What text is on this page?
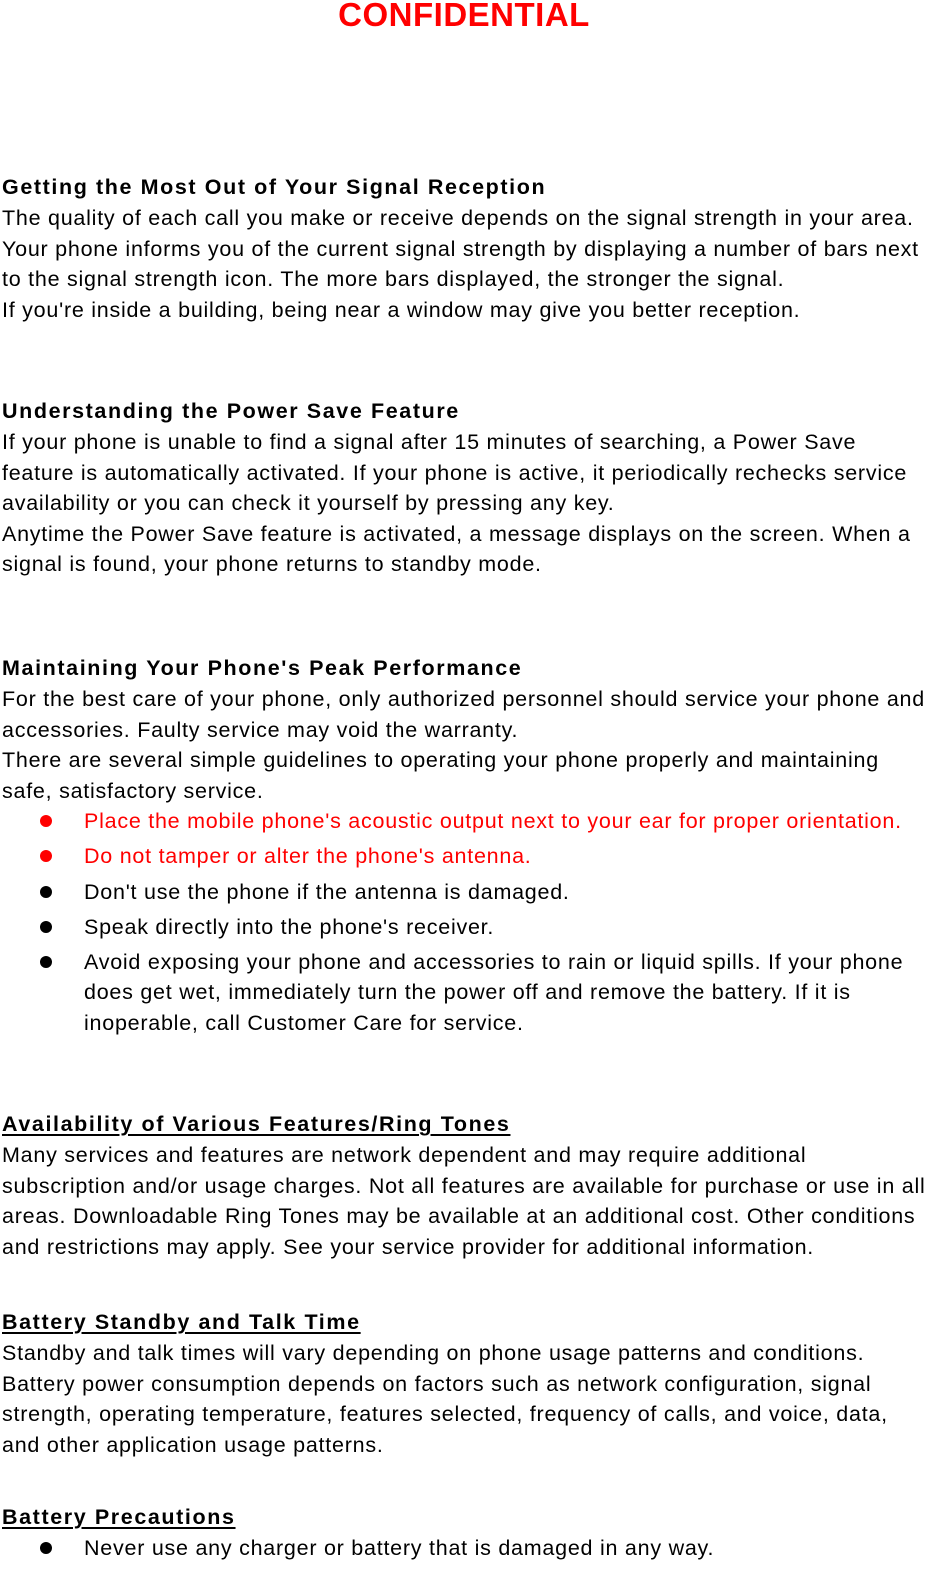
CONFIDENTIAL
Getting the Most Out of Your Signal Reception

The quality of each call you make or receive depends on the signal strength in your area. Your phone informs you of the current signal strength by displaying a number of bars next to the signal strength icon. The more bars displayed, the stronger the signal.

If you're inside a building, being near a window may give you better reception.

Understanding the Power Save Feature

If your phone is unable to find a signal after 15 minutes of searching, a Power Save feature is automatically activated. If your phone is active, it periodically rechecks service availability or you can check it yourself by pressing any key.

Anytime the Power Save feature is activated, a message displays on the screen. When a signal is found, your phone returns to standby mode.

Maintaining Your Phone's Peak Performance

For the best care of your phone, only authorized personnel should service your phone and accessories. Faulty service may void the warranty.

There are several simple guidelines to operating your phone properly and maintaining safe, satisfactory service.

Place the mobile phone's acoustic output next to your ear for proper orientation.
Do not tamper or alter the phone's antenna.
Don't use the phone if the antenna is damaged.
Speak directly into the phone's receiver.
Avoid exposing your phone and accessories to rain or liquid spills. If your phone does get wet, immediately turn the power off and remove the battery. If it is inoperable, call Customer Care for service.
Availability of Various Features/Ring Tones

Many services and features are network dependent and may require additional subscription and/or usage charges. Not all features are available for purchase or use in all areas. Downloadable Ring Tones may be available at an additional cost. Other conditions and restrictions may apply. See your service provider for additional information.

Battery Standby and Talk Time

Standby and talk times will vary depending on phone usage patterns and conditions. Battery power consumption depends on factors such as network configuration, signal strength, operating temperature, features selected, frequency of calls, and voice, data, and other application usage patterns.

Battery Precautions
Never use any charger or battery that is damaged in any way.
